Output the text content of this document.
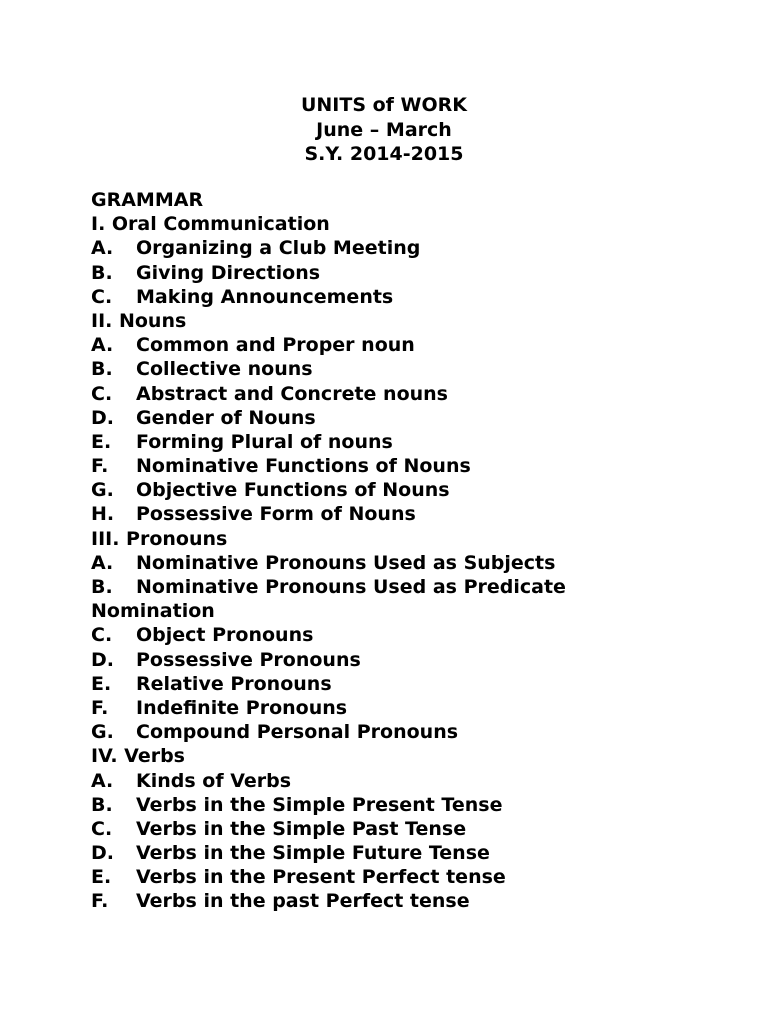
UNITS of WORK
June – March
S.Y. 2014-2015
GRAMMAR
I. Oral Communication
A. Organizing a Club Meeting
B. Giving Directions
C. Making Announcements
II. Nouns
A. Common and Proper noun
B. Collective nouns
C. Abstract and Concrete nouns
D. Gender of Nouns
E. Forming Plural of nouns
F. Nominative Functions of Nouns
G. Objective Functions of Nouns
H. Possessive Form of Nouns
III. Pronouns
A. Nominative Pronouns Used as Subjects
B. Nominative Pronouns Used as Predicate
Nomination
C. Object Pronouns
D. Possessive Pronouns
E. Relative Pronouns
F. Indefinite Pronouns
G. Compound Personal Pronouns
IV. Verbs
A. Kinds of Verbs
B. Verbs in the Simple Present Tense
C. Verbs in the Simple Past Tense
D. Verbs in the Simple Future Tense
E. Verbs in the Present Perfect tense
F. Verbs in the past Perfect tense
